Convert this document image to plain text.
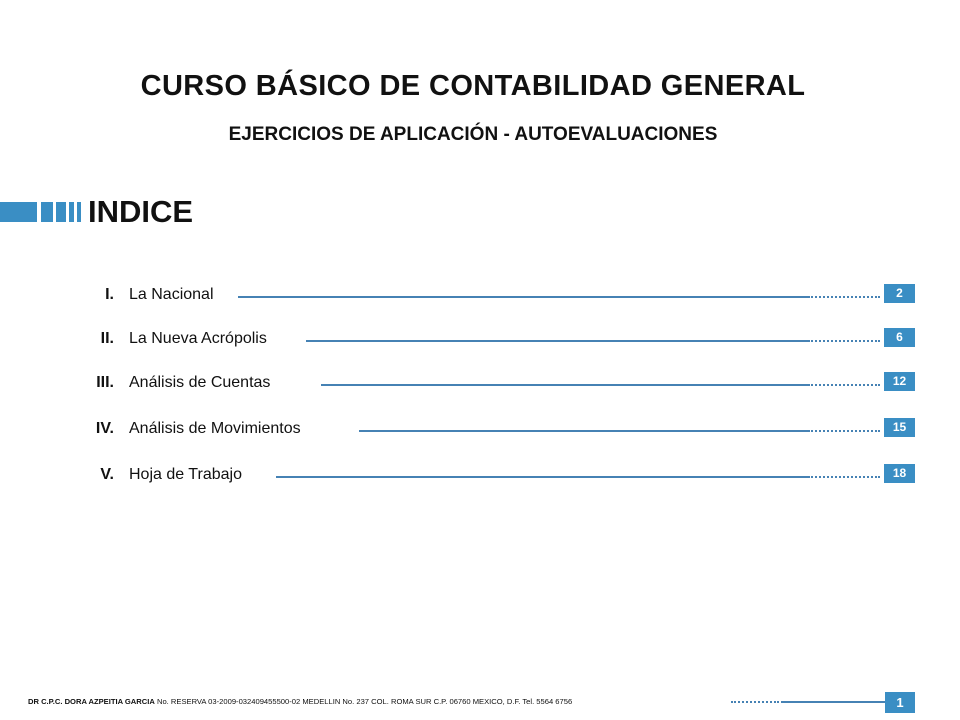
CURSO BÁSICO DE CONTABILIDAD GENERAL
EJERCICIOS DE APLICACIÓN - AUTOEVALUACIONES
INDICE
I. La Nacional	2
II. La Nueva Acrópolis	6
III. Análisis de Cuentas	12
IV. Análisis de Movimientos	15
V. Hoja de Trabajo	18
DR C.P.C. DORA AZPEITIA GARCIA No. RESERVA 03-2009-032409455500-02 MEDELLIN No. 237 COL. ROMA SUR C.P. 06760 MEXICO, D.F. Tel. 5564 6756	1
